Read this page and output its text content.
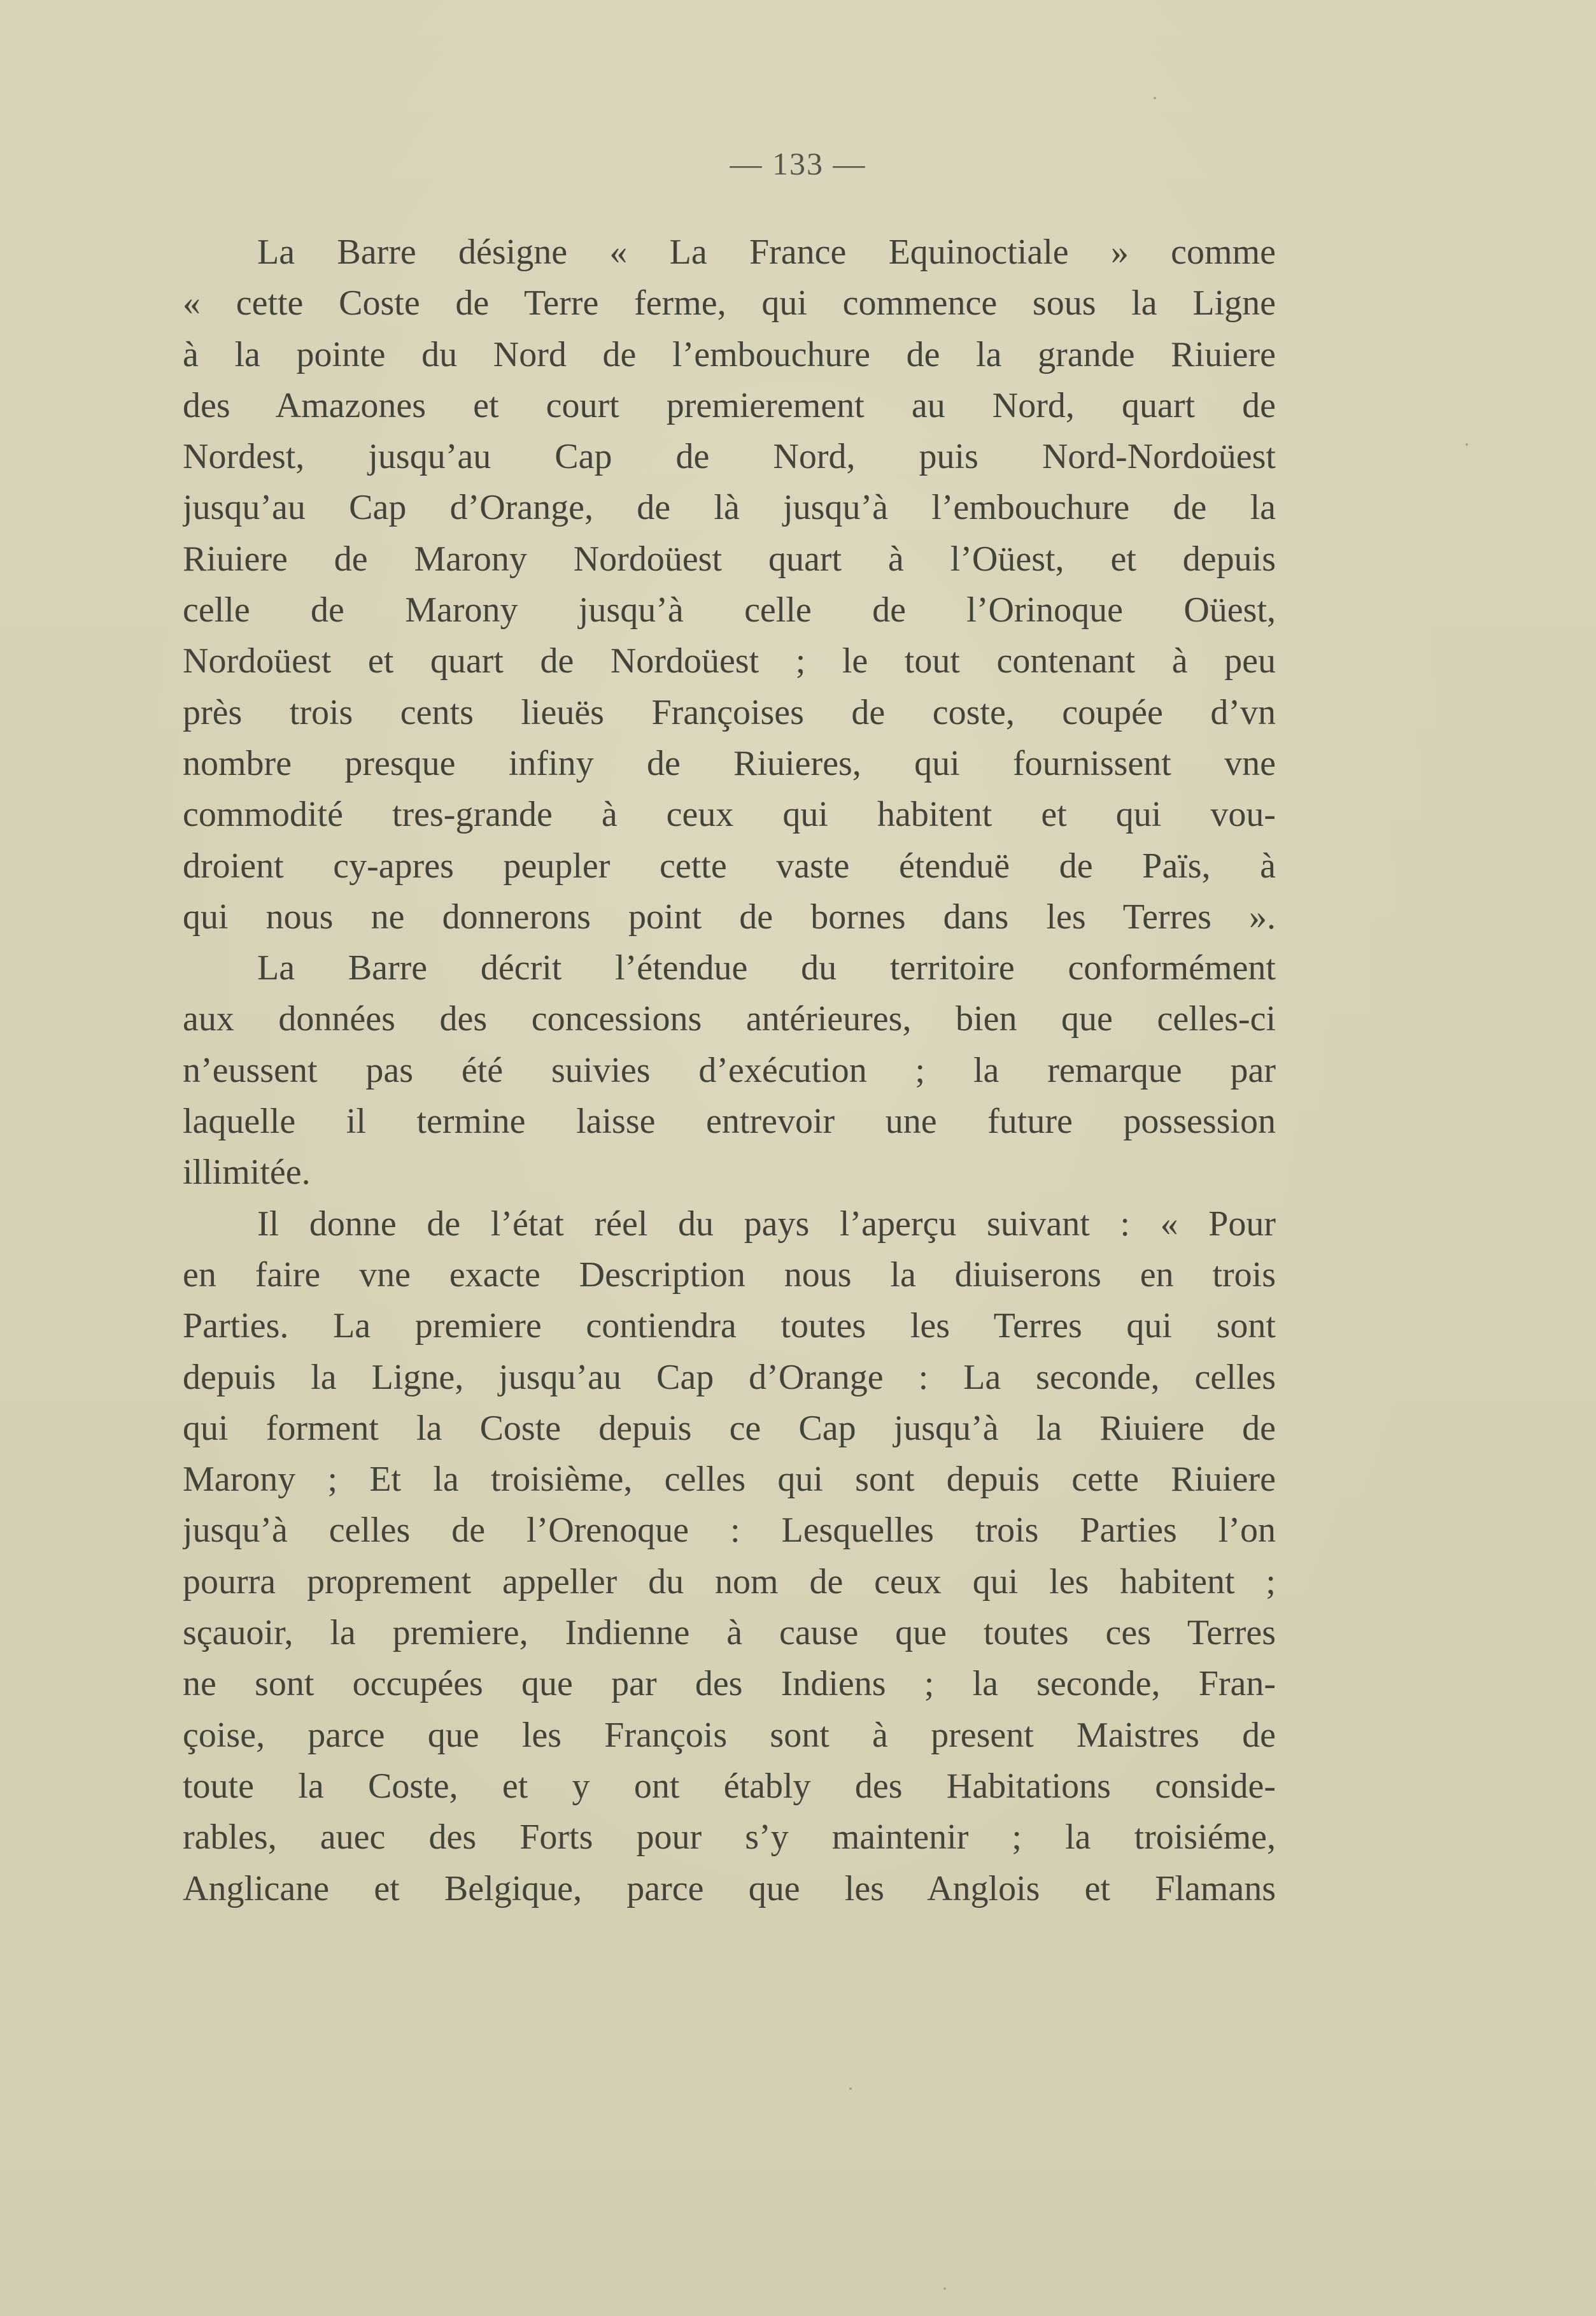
— 133 —
La Barre désigne « La France Equinoctiale » comme
« cette Coste de Terre ferme, qui commence sous la Ligne
à la pointe du Nord de l’embouchure de la grande Riuiere
des Amazones et court premierement au Nord, quart de
Nordest, jusqu’au Cap de Nord, puis Nord-Nordoüest
jusqu’au Cap d’Orange, de là jusqu’à l’embouchure de la
Riuiere de Marony Nordoüest quart à l’Oüest, et depuis
celle de Marony jusqu’à celle de l’Orinoque Oüest,
Nordoüest et quart de Nordoüest ; le tout contenant à peu
près trois cents lieuës Françoises de coste, coupée d’vn
nombre presque infiny de Riuieres, qui fournissent vne
commodité tres-grande à ceux qui habitent et qui vou-
droient cy-apres peupler cette vaste étenduë de Païs, à
qui nous ne donnerons point de bornes dans les Terres ».
La Barre décrit l’étendue du territoire conformément
aux données des concessions antérieures, bien que celles-ci
n’eussent pas été suivies d’exécution ; la remarque par
laquelle il termine laisse entrevoir une future possession
illimitée.
Il donne de l’état réel du pays l’aperçu suivant : « Pour
en faire vne exacte Description nous la diuiserons en trois
Parties. La premiere contiendra toutes les Terres qui sont
depuis la Ligne, jusqu’au Cap d’Orange : La seconde, celles
qui forment la Coste depuis ce Cap jusqu’à la Riuiere de
Marony ; Et la troisième, celles qui sont depuis cette Riuiere
jusqu’à celles de l’Orenoque : Lesquelles trois Parties l’on
pourra proprement appeller du nom de ceux qui les habitent ;
sçauoir, la premiere, Indienne à cause que toutes ces Terres
ne sont occupées que par des Indiens ; la seconde, Fran-
çoise, parce que les François sont à present Maistres de
toute la Coste, et y ont étably des Habitations conside-
rables, auec des Forts pour s’y maintenir ; la troisiéme,
Anglicane et Belgique, parce que les Anglois et Flamans
